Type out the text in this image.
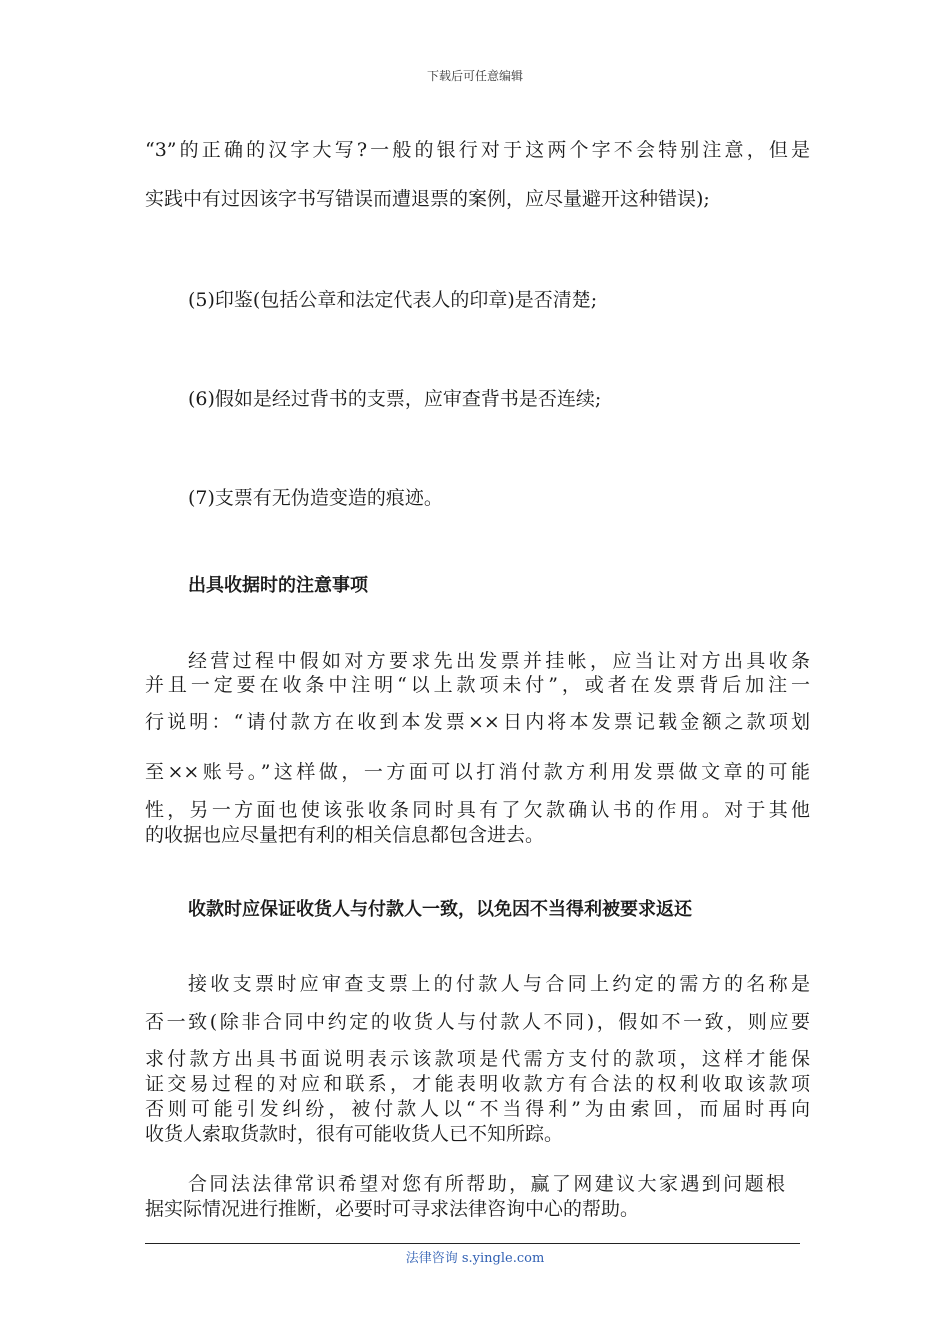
下载后可任意编辑
“3”的正确的汉字大写?一般的银行对于这两个字不会特别注意，但是
实践中有过因该字书写错误而遭退票的案例，应尽量避开这种错误);
(5)印鉴(包括公章和法定代表人的印章)是否清楚;
(6)假如是经过背书的支票，应审查背书是否连续;
(7)支票有无伪造变造的痕迹。
出具收据时的注意事项
经营过程中假如对方要求先出发票并挂帐，应当让对方出具收条
并且一定要在收条中注明“以上款项未付”，或者在发票背后加注一
行说明：“请付款方在收到本发票××日内将本发票记载金额之款项划
至××账号。”这样做，一方面可以打消付款方利用发票做文章的可能
性，另一方面也使该张收条同时具有了欠款确认书的作用。对于其他
的收据也应尽量把有利的相关信息都包含进去。
收款时应保证收货人与付款人一致，以免因不当得利被要求返还
接收支票时应审查支票上的付款人与合同上约定的需方的名称是
否一致(除非合同中约定的收货人与付款人不同)，假如不一致，则应要
求付款方出具书面说明表示该款项是代需方支付的款项，这样才能保
证交易过程的对应和联系，才能表明收款方有合法的权利收取该款项
否则可能引发纠纷，被付款人以“不当得利”为由索回，而届时再向
收货人索取货款时，很有可能收货人已不知所踪。
合同法法律常识希望对您有所帮助，赢了网建议大家遇到问题根
据实际情况进行推断，必要时可寻求法律咨询中心的帮助。
法律咨询 s.yingle.com
